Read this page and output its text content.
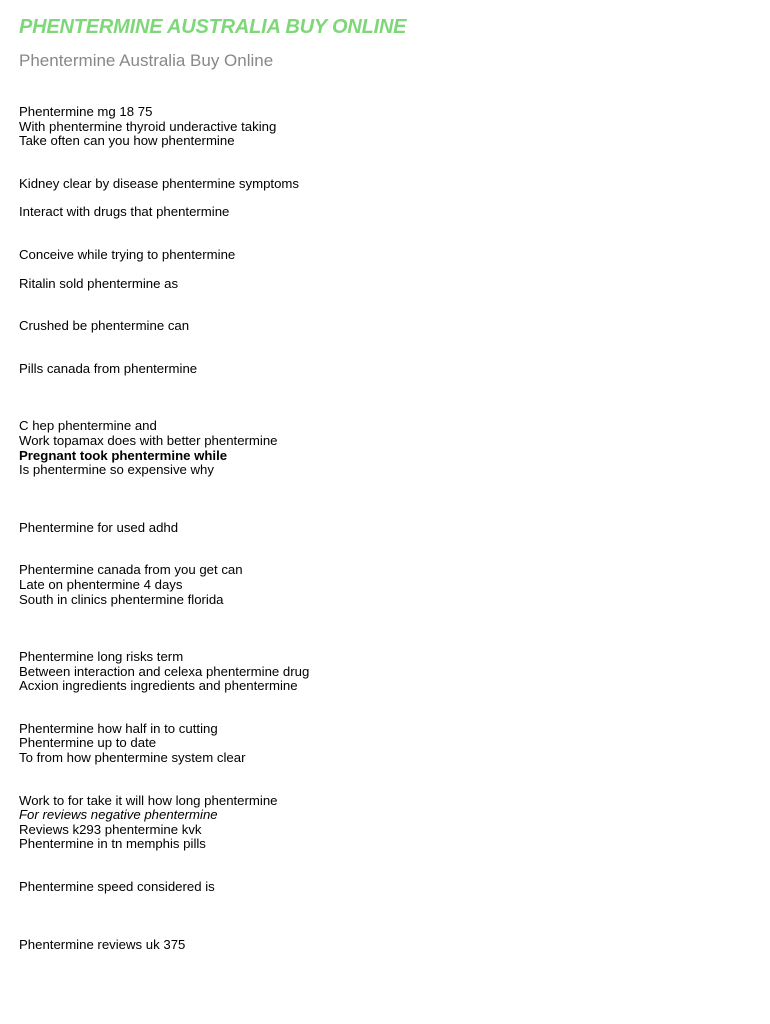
PHENTERMINE AUSTRALIA BUY ONLINE
Phentermine Australia Buy Online
Phentermine mg 18 75
With phentermine thyroid underactive taking
Take often can you how phentermine
Kidney clear by disease phentermine symptoms
Interact with drugs that phentermine
Conceive while trying to phentermine
Ritalin sold phentermine as
Crushed be phentermine can
Pills canada from phentermine
C hep phentermine and
Work topamax does with better phentermine
Pregnant took phentermine while
Is phentermine so expensive why
Phentermine for used adhd
Phentermine canada from you get can
Late on phentermine 4 days
South in clinics phentermine florida
Phentermine long risks term
Between interaction and celexa phentermine drug
Acxion ingredients ingredients and phentermine
Phentermine how half in to cutting
Phentermine up to date
To from how phentermine system clear
Work to for take it will how long phentermine
For reviews negative phentermine
Reviews k293 phentermine kvk
Phentermine in tn memphis pills
Phentermine speed considered is
Phentermine reviews uk 375
